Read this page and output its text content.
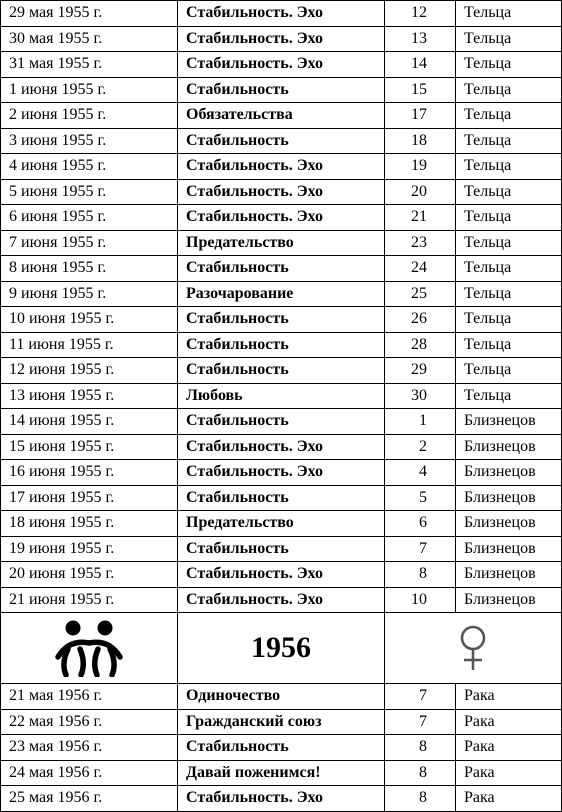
29 мая 1955 г.	Стабильность. Эхо	12	Тельца
30 мая 1955 г.	Стабильность. Эхо	13	Тельца
31 мая 1955 г.	Стабильность. Эхо	14	Тельца
1 июня 1955 г.	Стабильность	15	Тельца
2 июня 1955 г.	Обязательства	17	Тельца
3 июня 1955 г.	Стабильность	18	Тельца
4 июня 1955 г.	Стабильность. Эхо	19	Тельца
5 июня 1955 г.	Стабильность. Эхо	20	Тельца
6 июня 1955 г.	Стабильность. Эхо	21	Тельца
7 июня 1955 г.	Предательство	23	Тельца
8 июня 1955 г.	Стабильность	24	Тельца
9 июня 1955 г.	Разочарование	25	Тельца
10 июня 1955 г.	Стабильность	26	Тельца
11 июня 1955 г.	Стабильность	28	Тельца
12 июня 1955 г.	Стабильность	29	Тельца
13 июня 1955 г.	Любовь	30	Тельца
14 июня 1955 г.	Стабильность	1	Близнецов
15 июня 1955 г.	Стабильность. Эхо	2	Близнецов
16 июня 1955 г.	Стабильность. Эхо	4	Близнецов
17 июня 1955 г.	Стабильность	5	Близнецов
18 июня 1955 г.	Предательство	6	Близнецов
19 июня 1955 г.	Стабильность	7	Близнецов
20 июня 1955 г.	Стабильность. Эхо	8	Близнецов
21 июня 1955 г.	Стабильность. Эхо	10	Близнецов

	1956	

21 мая 1956 г.	Одиночество	7	Рака
22 мая 1956 г.	Гражданский союз	7	Рака
23 мая 1956 г.	Стабильность	8	Рака
24 мая 1956 г.	Давай поженимся!	8	Рака
25 мая 1956 г.	Стабильность. Эхо	8	Рака
